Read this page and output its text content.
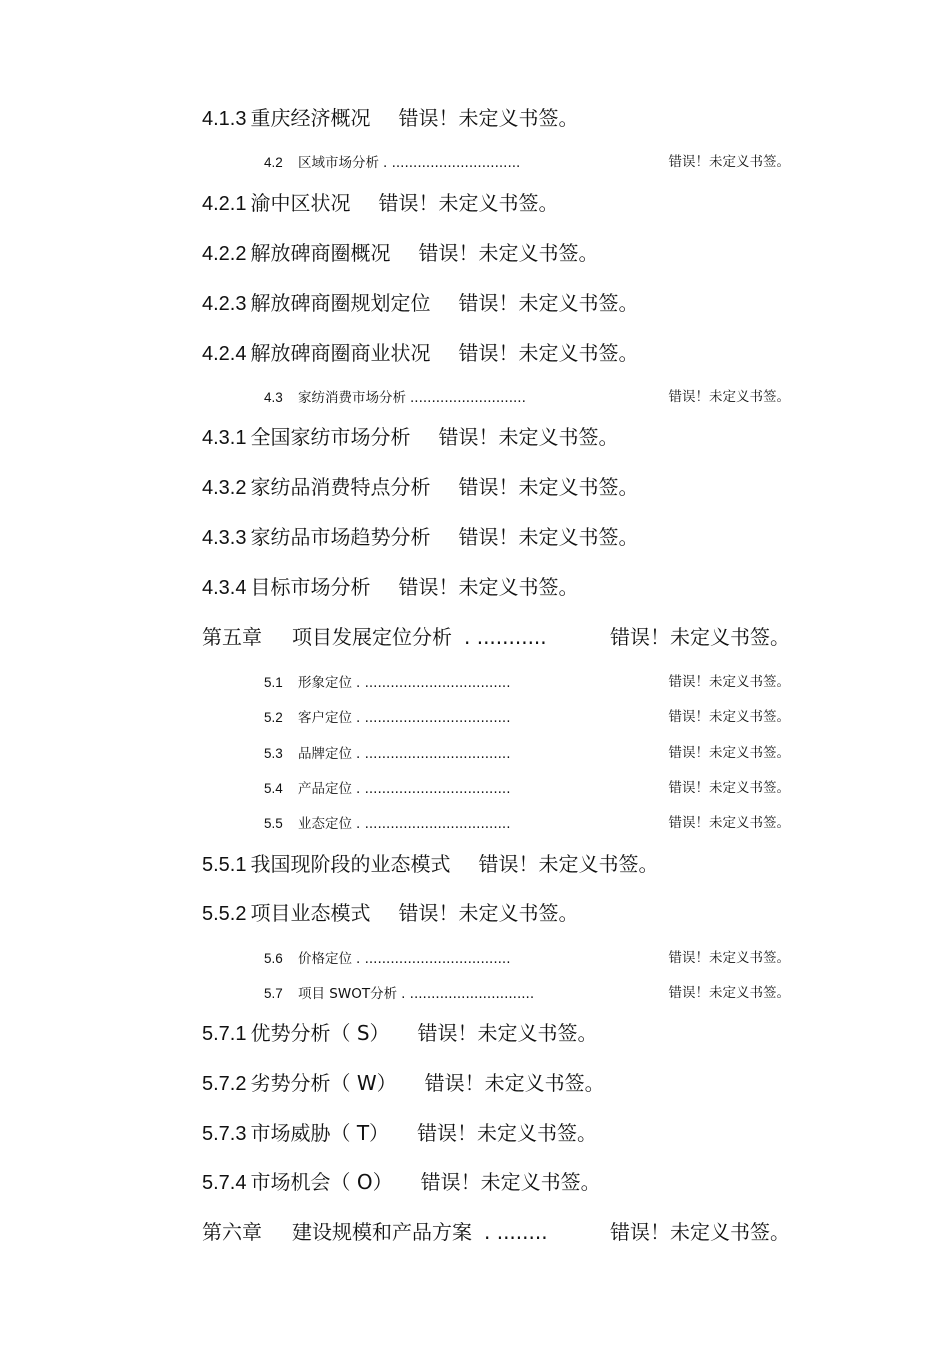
4.1.3 重庆经济概况 错误！未定义书签。
4.2 区域市场分析 . ..............................	错误！未定义书签。
4.2.1 渝中区状况 错误！未定义书签。
4.2.2 解放碑商圈概况 错误！未定义书签。
4.2.3 解放碑商圈规划定位 错误！未定义书签。
4.2.4 解放碑商圈商业状况 错误！未定义书签。
4.3 家纺消费市场分析 ...........................	错误！未定义书签。
4.3.1 全国家纺市场分析 错误！未定义书签。
4.3.2 家纺品消费特点分析 错误！未定义书签。
4.3.3 家纺品市场趋势分析 错误！未定义书签。
4.3.4 目标市场分析 错误！未定义书签。
第五章 项目发展定位分析 . ...........	错误！未定义书签。
5.1 形象定位 . ..................................	错误！未定义书签。
5.2 客户定位 . ..................................	错误！未定义书签。
5.3 品牌定位 . ..................................	错误！未定义书签。
5.4 产品定位 . ..................................	错误！未定义书签。
5.5 业态定位 . ..................................	错误！未定义书签。
5.5.1 我国现阶段的业态模式 错误！未定义书签。
5.5.2 项目业态模式 错误！未定义书签。
5.6 价格定位 . ..................................	错误！未定义书签。
5.7 项目 SWOT分析 . .............................	错误！未定义书签。
5.7.1 优势分析（ S） 错误！未定义书签。
5.7.2 劣势分析（ W） 错误！未定义书签。
5.7.3 市场威胁（ T） 错误！未定义书签。
5.7.4 市场机会（ O） 错误！未定义书签。
第六章 建设规模和产品方案 . ........	错误！未定义书签。
